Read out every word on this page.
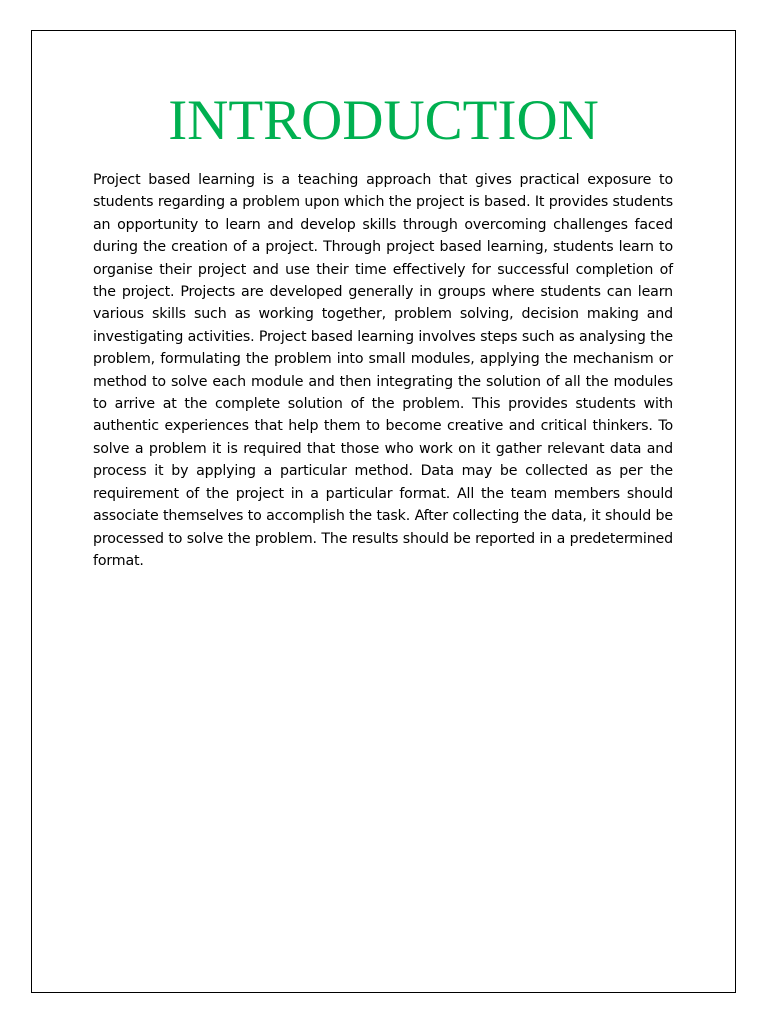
INTRODUCTION

Project based learning is a teaching approach that gives practical exposure to students regarding a problem upon which the project is based. It provides students an opportunity to learn and develop skills through overcoming challenges faced during the creation of a project. Through project based learning, students learn to organise their project and use their time effectively for successful completion of the project. Projects are developed generally in groups where students can learn various skills such as working together, problem solving, decision making and investigating activities. Project based learning involves steps such as analysing the problem, formulating the problem into small modules, applying the mechanism or method to solve each module and then integrating the solution of all the modules to arrive at the complete solution of the problem. This provides students with authentic experiences that help them to become creative and critical thinkers. To solve a problem it is required that those who work on it gather relevant data and process it by applying a particular method. Data may be collected as per the requirement of the project in a particular format. All the team members should associate themselves to accomplish the task. After collecting the data, it should be processed to solve the problem. The results should be reported in a predetermined format.
